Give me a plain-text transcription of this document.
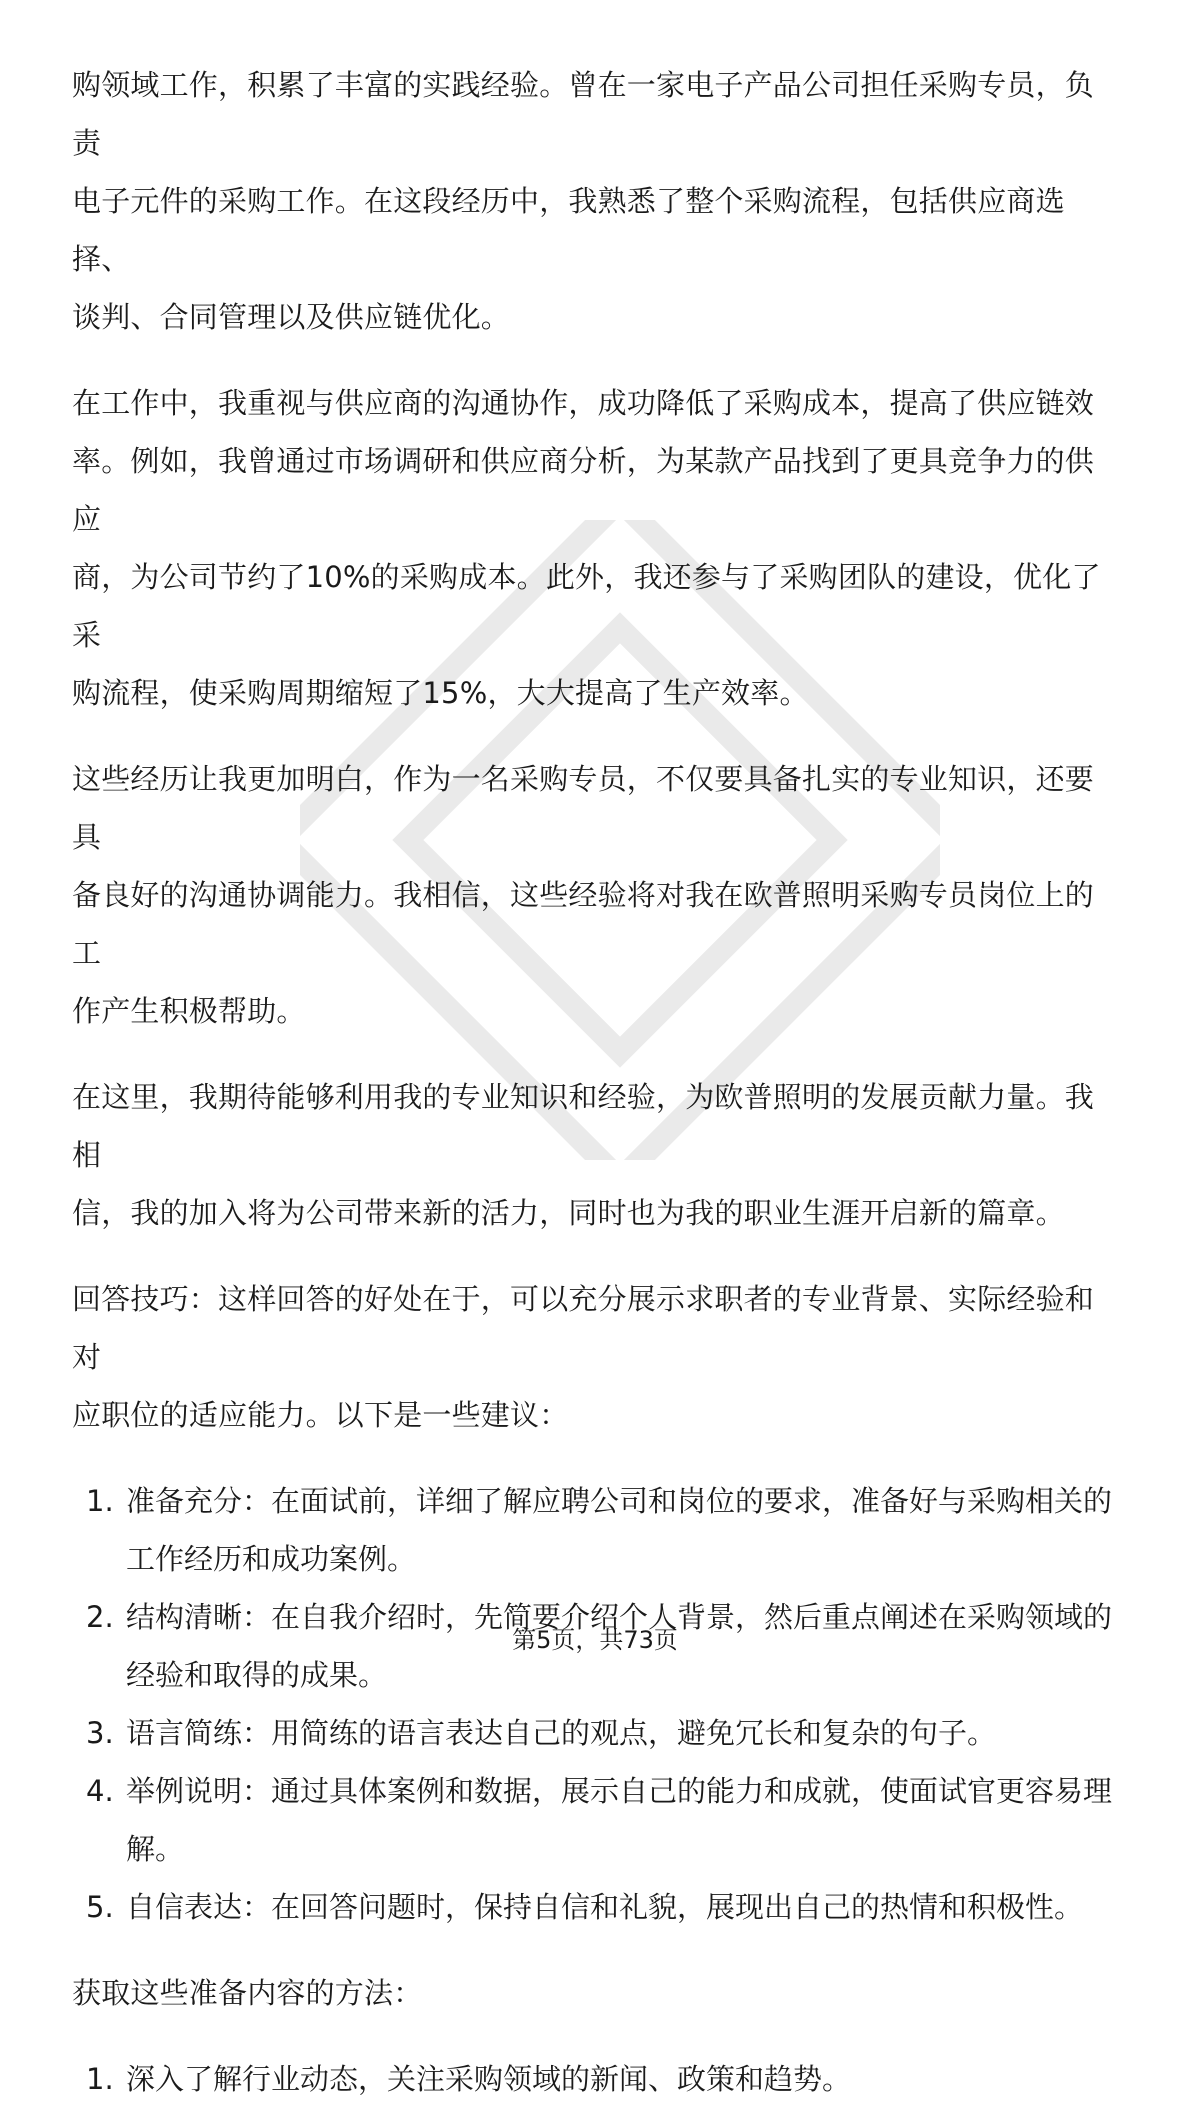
购领域工作，积累了丰富的实践经验。曾在一家电子产品公司担任采购专员，负责
电子元件的采购工作。在这段经历中，我熟悉了整个采购流程，包括供应商选择、
谈判、合同管理以及供应链优化。

在工作中，我重视与供应商的沟通协作，成功降低了采购成本，提高了供应链效
率。例如，我曾通过市场调研和供应商分析，为某款产品找到了更具竞争力的供应
商，为公司节约了10%的采购成本。此外，我还参与了采购团队的建设，优化了采
购流程，使采购周期缩短了15%，大大提高了生产效率。

这些经历让我更加明白，作为一名采购专员，不仅要具备扎实的专业知识，还要具
备良好的沟通协调能力。我相信，这些经验将对我在欧普照明采购专员岗位上的工
作产生积极帮助。

在这里，我期待能够利用我的专业知识和经验，为欧普照明的发展贡献力量。我相
信，我的加入将为公司带来新的活力，同时也为我的职业生涯开启新的篇章。

回答技巧：这样回答的好处在于，可以充分展示求职者的专业背景、实际经验和对
应职位的适应能力。以下是一些建议：

1. 准备充分：在面试前，详细了解应聘公司和岗位的要求，准备好与采购相关的
工作经历和成功案例。
2. 结构清晰：在自我介绍时，先简要介绍个人背景，然后重点阐述在采购领域的
经验和取得的成果。
3. 语言简练：用简练的语言表达自己的观点，避免冗长和复杂的句子。
4. 举例说明：通过具体案例和数据，展示自己的能力和成就，使面试官更容易理
解。
5. 自信表达：在回答问题时，保持自信和礼貌，展现出自己的热情和积极性。

获取这些准备内容的方法：

1. 深入了解行业动态，关注采购领域的新闻、政策和趋势。
第5页，共73页
